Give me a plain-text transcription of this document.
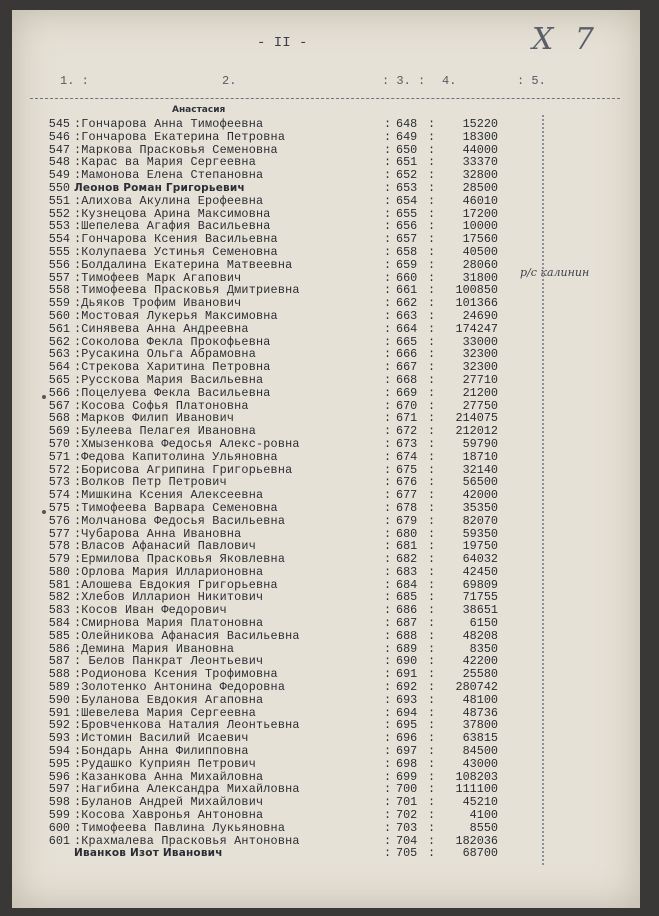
- II -	Х 7
1. :	2.	: 3. : 4.	: 5.
Анастасия
р/с калинин
545 :Гончарова Анна Тимофеевна	: 648 :	15220
546 :Гончарова Екатерина Петровна	: 649 :	18300
547 :Маркова Прасковья Семеновна	: 650 :	44000
548 :Карас ва Мария Сергеевна	: 651 :	33370
549 :Мамонова Елена Степановна	: 652 :	32800
550 Леонов Роман Григорьевич	: 653 :	28500
551 :Алихова Акулина Ерофеевна	: 654 :	46010
552 :Кузнецова Арина Максимовна	: 655 :	17200
553 :Шепелева Агафия Васильевна	: 656 :	10000
554 :Гончарова Ксения Васильевна	: 657 :	17560
555 :Колупаева Устинья Семеновна	: 658 :	40500
556 :Болдалина Екатерина Матвеевна	: 659 :	28060
557 :Тимофеев Марк Агапович	: 660 :	31800
558 :Тимофеева Прасковья Дмитриевна	: 661 :	100850
559 :Дьяков Трофим Иванович	: 662 :	101366
560 :Мостовая Лукерья Максимовна	: 663 :	24690
561 :Синявева Анна Андреевна	: 664 :	174247
562 :Соколова Фекла Прокофьевна	: 665 :	33000
563 :Русакина Ольга Абрамовна	: 666 :	32300
564 :Стрекова Харитина Петровна	: 667 :	32300
565 :Русскова Мария Васильевна	: 668 :	27710
566 :Поцелуева Фекла Васильевна	: 669 :	21200
567 :Косова Софья Платоновна	: 670 :	27750
568 :Марков Филип Иванович	: 671 :	214075
569 :Булеева Пелагея Ивановна	: 672 :	212012
570 :Хмызенкова Федосья Алекс-ровна	: 673 :	59790
571 :Федова Капитолина Ульяновна	: 674 :	18710
572 :Борисова Агрипина Григорьевна	: 675 :	32140
573 :Волков Петр Петрович	: 676 :	56500
574 :Мишкина Ксения Алексеевна	: 677 :	42000
575 :Тимофеева Варвара Семеновна	: 678 :	35350
576 :Молчанова Федосья Васильевна	: 679 :	82070
577 :Чубарова Анна Ивановна	: 680 :	59350
578 :Власов Афанасий Павлович	: 681 :	19750
579 :Ермилова Прасковья Яковлевна	: 682 :	64032
580 :Орлова Мария Илларионовна	: 683 :	42450
581 :Алошева Евдокия Григорьевна	: 684 :	69809
582 :Хлебов Илларион Никитович	: 685 :	71755
583 :Косов Иван Федорович	: 686 :	38651
584 :Смирнова Мария Платоновна	: 687 :	6150
585 :Олейникова Афанасия Васильевна	: 688 :	48208
586 :Демина Мария Ивановна	: 689 :	8350
587 : Белов Панкрат Леонтьевич	: 690 :	42200
588 :Родионова Ксения Трофимовна	: 691 :	25580
589 :Золотенко Антонина Федоровна	: 692 :	280742
590 :Буланова Евдокия Агаповна	: 693 :	48100
591 :Шевелева Мария Сергеевна	: 694 :	48736
592 :Бровченкова Наталия Леонтьевна	: 695 :	37800
593 :Истомин Василий Исаевич	: 696 :	63815
594 :Бондарь Анна Филипповна	: 697 :	84500
595 :Рудашко Куприян Петрович	: 698 :	43000
596 :Казанкова Анна Михайловна	: 699 :	108203
597 :Нагибина Александра Михайловна	: 700 :	111100
598 :Буланов Андрей Михайлович	: 701 :	45210
599 :Косова Хавронья Антоновна	: 702 :	4100
600 :Тимофеева Павлина Лукьяновна	: 703 :	8550
601 :Крахмалева Прасковья Антоновна	: 704 :	182036
Иванков Изот Иванович	: 705 :	68700
